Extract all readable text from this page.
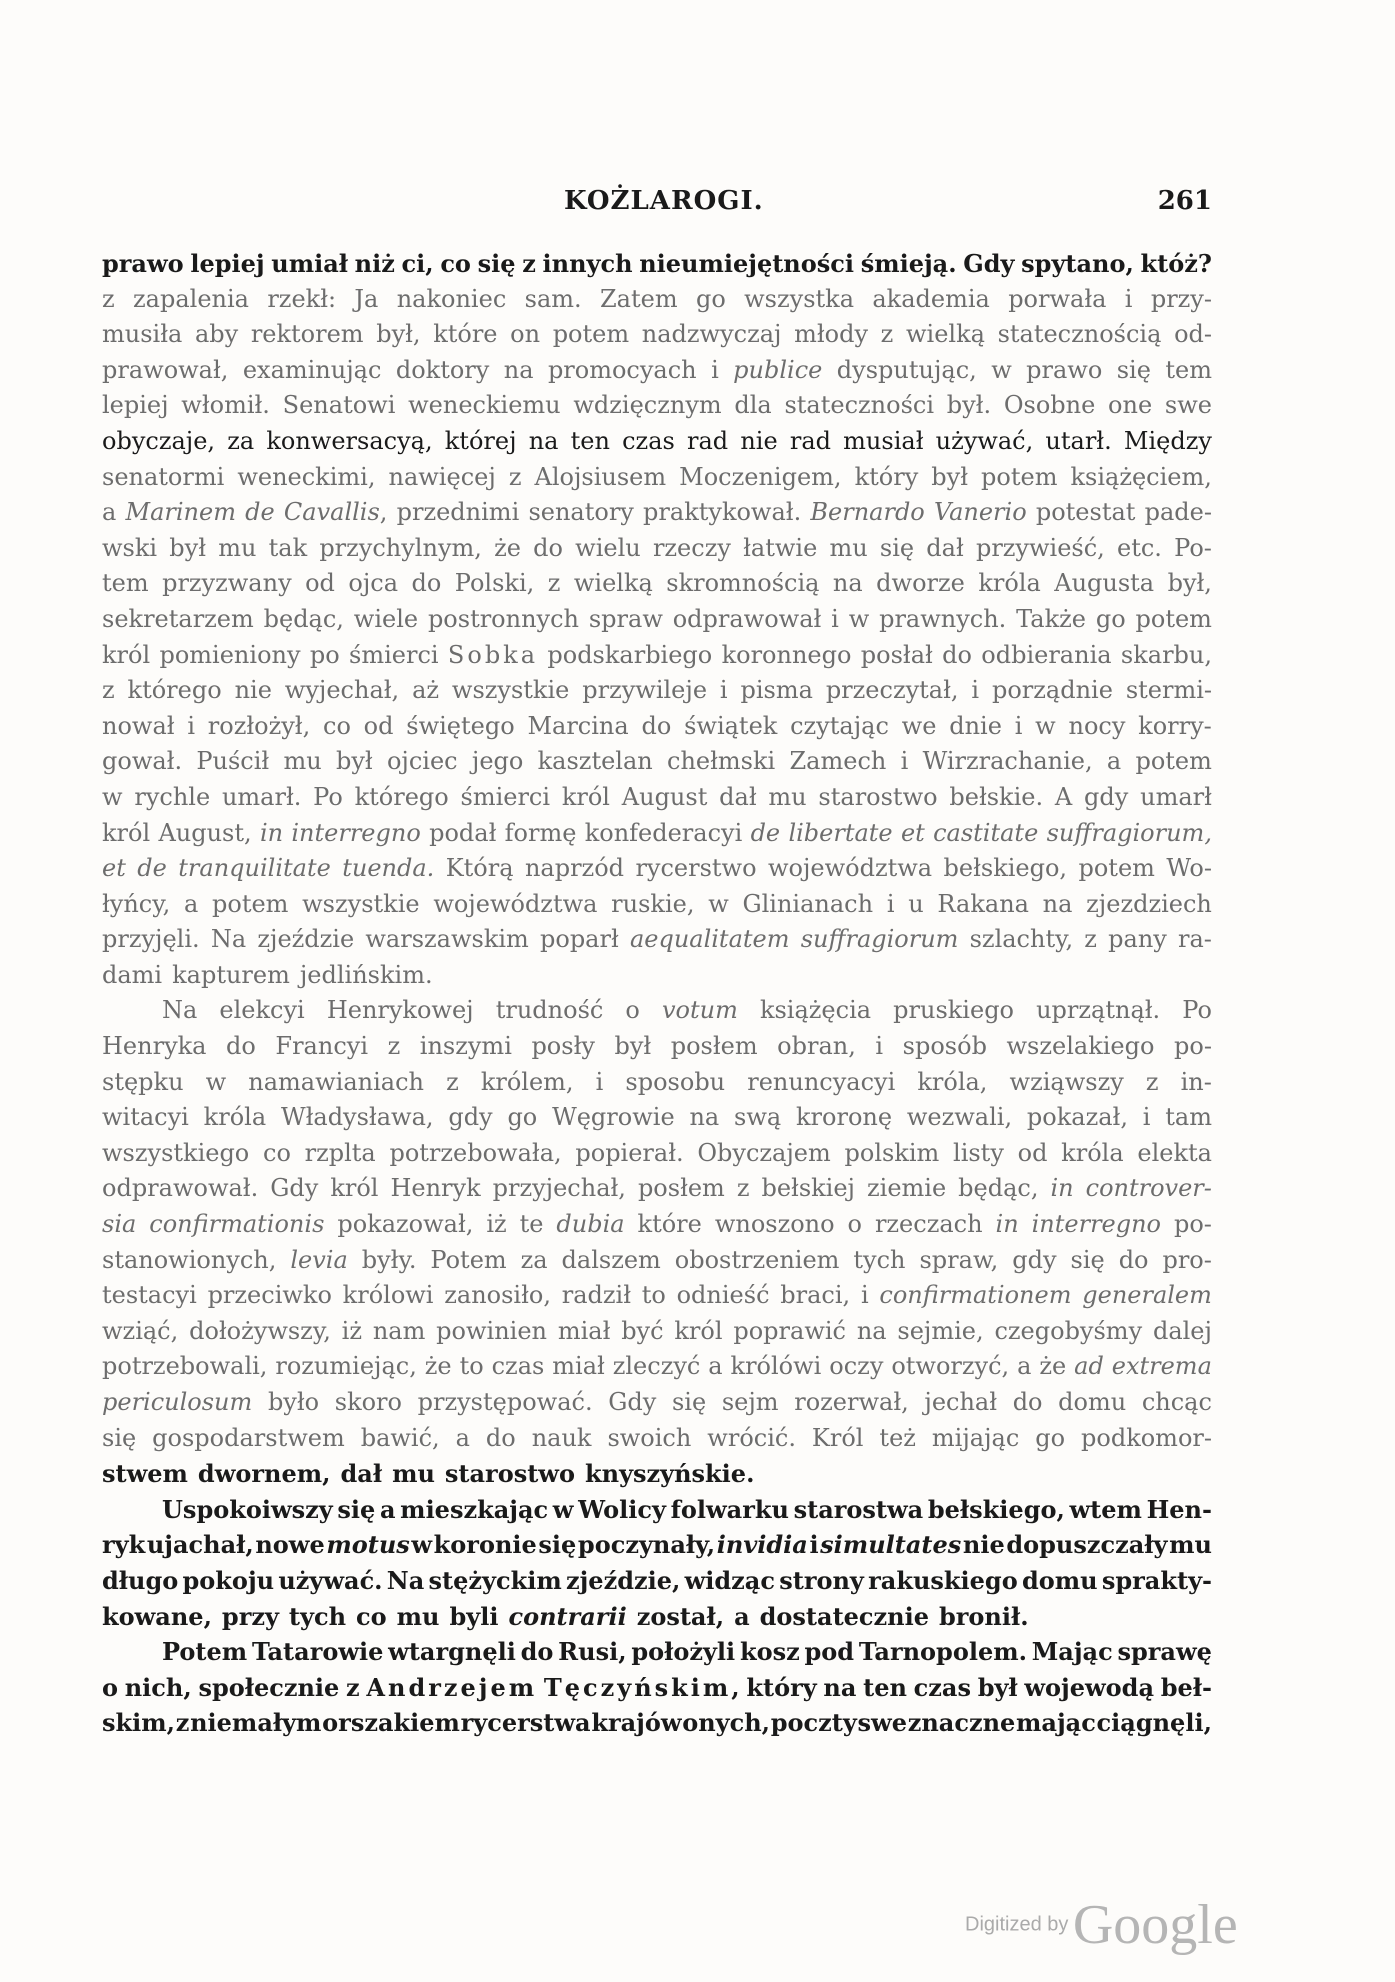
KOŻLAROGI.	261
prawo lepiej umiał niż ci, co się z innych nieumiejętności śmieją. Gdy spytano, któż?
z zapalenia rzekł: Ja nakoniec sam. Zatem go wszystka akademia porwała i przy-
musiła aby rektorem był, które on potem nadzwyczaj młody z wielką statecznością od-
prawował, examinując doktory na promocyach i publice dysputując, w prawo się tem
lepiej włomił. Senatowi weneckiemu wdzięcznym dla stateczności był. Osobne one swe
obyczaje, za konwersacyą, której na ten czas rad nie rad musiał używać, utarł. Między
senatormi weneckimi, nawięcej z Alojsiusem Moczenigem, który był potem książęciem,
a Marinem de Cavallis, przednimi senatory praktykował. Bernardo Vanerio potestat pade-
wski był mu tak przychylnym, że do wielu rzeczy łatwie mu się dał przywieść, etc. Po-
tem przyzwany od ojca do Polski, z wielką skromnością na dworze króla Augusta był,
sekretarzem będąc, wiele postronnych spraw odprawował i w prawnych. Także go potem
król pomieniony po śmierci Sobka podskarbiego koronnego posłał do odbierania skarbu,
z którego nie wyjechał, aż wszystkie przywileje i pisma przeczytał, i porządnie stermi-
nował i rozłożył, co od świętego Marcina do świątek czytając we dnie i w nocy korry-
gował. Puścił mu był ojciec jego kasztelan chełmski Zamech i Wirzrachanie, a potem
w rychle umarł. Po którego śmierci król August dał mu starostwo bełskie. A gdy umarł
król August, in interregno podał formę konfederacyi de libertate et castitate suffragiorum,
et de tranquilitate tuenda. Którą naprzód rycerstwo województwa bełskiego, potem Wo-
łyńcy, a potem wszystkie województwa ruskie, w Glinianach i u Rakana na zjezdziech
przyjęli. Na zjeździe warszawskim poparł aequalitatem suffragiorum szlachty, z pany ra-
dami kapturem jedlińskim.
Na elekcyi Henrykowej trudność o votum książęcia pruskiego uprzątnął. Po
Henryka do Francyi z inszymi posły był posłem obran, i sposób wszelakiego po-
stępku w namawianiach z królem, i sposobu renuncyacyi króla, wziąwszy z in-
witacyi króla Władysława, gdy go Węgrowie na swą kroronę wezwali, pokazał, i tam
wszystkiego co rzplta potrzebowała, popierał. Obyczajem polskim listy od króla elekta
odprawował. Gdy król Henryk przyjechał, posłem z bełskiej ziemie będąc, in controver-
sia confirmationis pokazował, iż te dubia które wnoszono o rzeczach in interregno po-
stanowionych, levia były. Potem za dalszem obostrzeniem tych spraw, gdy się do pro-
testacyi przeciwko królowi zanosiło, radził to odnieść braci, i confirmationem generalem
wziąć, dołożywszy, iż nam powinien miał być król poprawić na sejmie, czegobyśmy dalej
potrzebowali, rozumiejąc, że to czas miał zleczyć a królówi oczy otworzyć, a że ad extrema
periculosum było skoro przystępować. Gdy się sejm rozerwał, jechał do domu chcąc
się gospodarstwem bawić, a do nauk swoich wrócić. Król też mijając go podkomor-
stwem dwornem, dał mu starostwo knyszyńskie.
Uspokoiwszy się a mieszkając w Wolicy folwarku starostwa bełskiego, wtem Hen-
ryk ujachał, nowe motus w koronie się poczynały, invidia i simultates nie dopuszczały mu
długo pokoju używać. Na stężyckim zjeździe, widząc strony rakuskiego domu sprakty-
kowane, przy tych co mu byli contrarii został, a dostatecznie bronił.
Potem Tatarowie wtargnęli do Rusi, położyli kosz pod Tarnopolem. Mając sprawę
o nich, społecznie z Andrzejem Tęczyńskim, który na ten czas był wojewodą beł-
skim, z niemałym orszakiem rycerstwa krajów onych, poczty swe znaczne mając ciągnęli,
Digitized by Google
